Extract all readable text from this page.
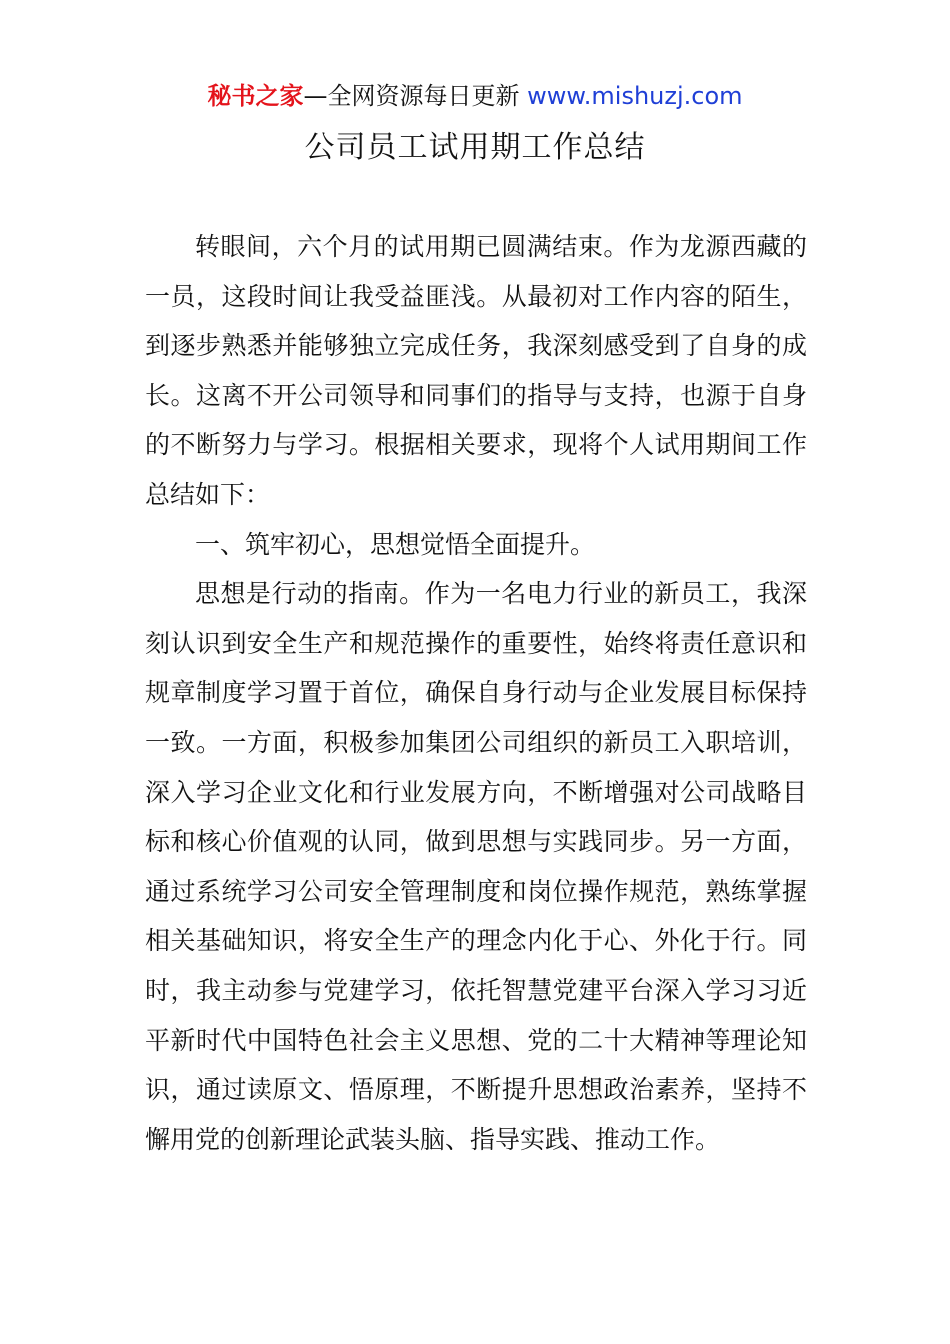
秘书之家—全网资源每日更新 www.mishuzj.com
公司员工试用期工作总结

转眼间，六个月的试用期已圆满结束。作为龙源西藏的一员，这段时间让我受益匪浅。从最初对工作内容的陌生，到逐步熟悉并能够独立完成任务，我深刻感受到了自身的成长。这离不开公司领导和同事们的指导与支持，也源于自身的不断努力与学习。根据相关要求，现将个人试用期间工作总结如下：

一、筑牢初心，思想觉悟全面提升。

思想是行动的指南。作为一名电力行业的新员工，我深刻认识到安全生产和规范操作的重要性，始终将责任意识和规章制度学习置于首位，确保自身行动与企业发展目标保持一致。一方面，积极参加集团公司组织的新员工入职培训，深入学习企业文化和行业发展方向，不断增强对公司战略目标和核心价值观的认同，做到思想与实践同步。另一方面，通过系统学习公司安全管理制度和岗位操作规范，熟练掌握相关基础知识，将安全生产的理念内化于心、外化于行。同时，我主动参与党建学习，依托智慧党建平台深入学习习近平新时代中国特色社会主义思想、党的二十大精神等理论知识，通过读原文、悟原理，不断提升思想政治素养，坚持不懈用党的创新理论武装头脑、指导实践、推动工作。
